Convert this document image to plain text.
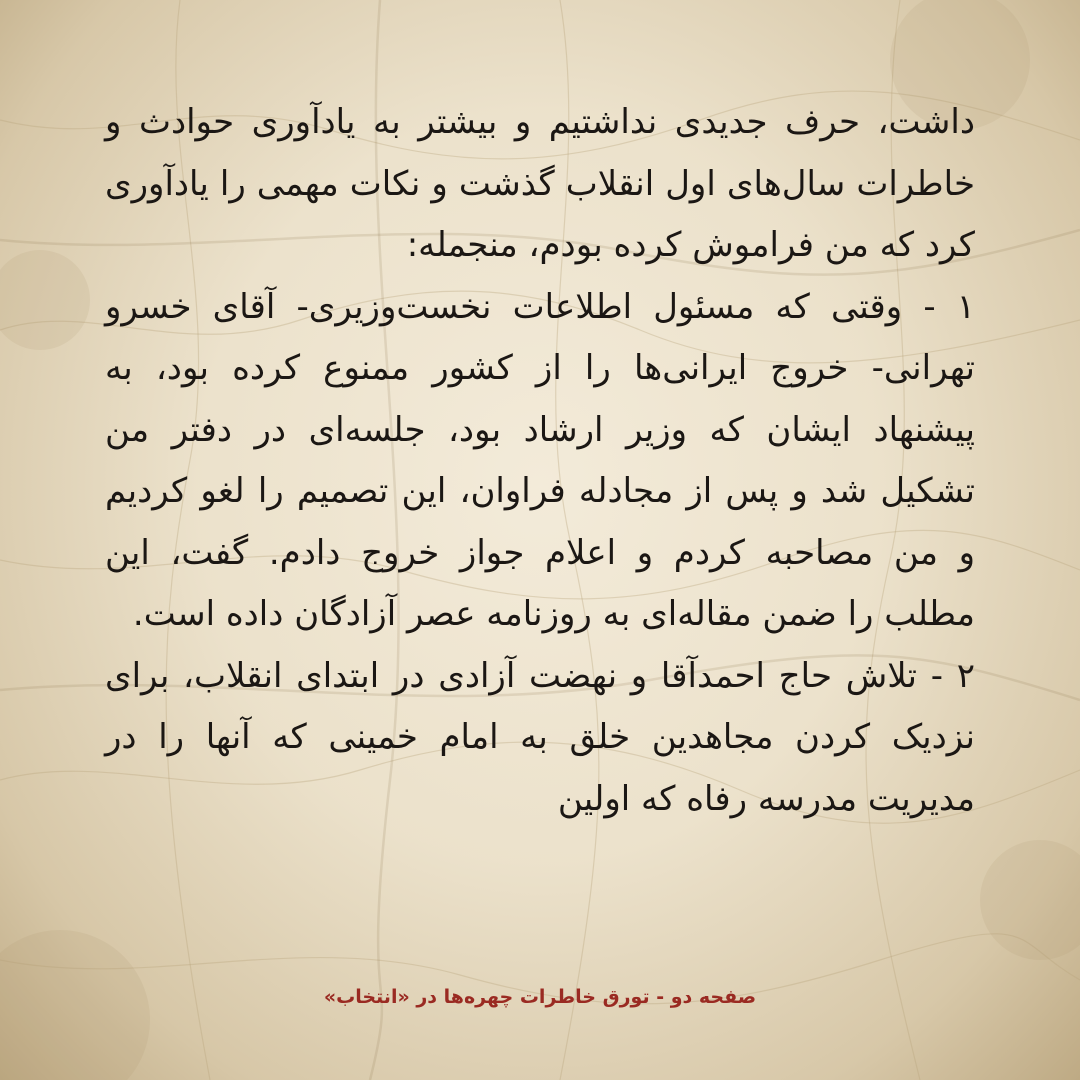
داشت، حرف جدیدی نداشتیم و بیشتر به یادآوری حوادث و خاطرات سال‌های اول انقلاب گذشت و نکات مهمی را یادآوری کرد که من فراموش کرده بودم، منجمله:

۱ - وقتی که مسئول اطلاعات نخست‌وزیری- آقای خسرو تهرانی- خروج ایرانی‌ها را از کشور ممنوع کرده بود، به پیشنهاد ایشان که وزیر ارشاد بود، جلسه‌ای در دفتر من تشکیل شد و پس از مجادله فراوان، این تصمیم را لغو کردیم و من مصاحبه کردم و اعلام جواز خروج دادم. گفت، این مطلب را ضمن مقاله‌ای به روزنامه عصر آزادگان داده است.

۲ - تلاش حاج احمدآقا و نهضت آزادی در ابتدای انقلاب، برای نزدیک کردن مجاهدین خلق به امام خمینی که آنها را در مدیریت مدرسه رفاه که اولین

صفحه دو - تورق خاطرات چهره‌ها در «انتخاب»
